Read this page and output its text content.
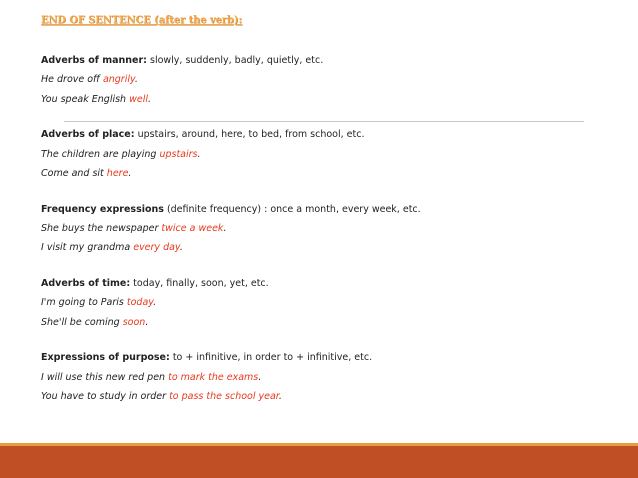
END OF SENTENCE (after the verb):
Adverbs of manner: slowly, suddenly, badly, quietly, etc.
He drove off angrily.
You speak English well.
Adverbs of place: upstairs, around, here, to bed, from school, etc.
The children are playing upstairs.
Come and sit here.
Frequency expressions (definite frequency) : once a month, every week, etc.
She buys the newspaper twice a week.
I visit my grandma every day.
Adverbs of time: today, finally, soon, yet, etc.
I'm going to Paris today.
She'll be coming soon.
Expressions of purpose: to + infinitive, in order to + infinitive, etc.
I will use this new red pen to mark the exams.
You have to study in order to pass the school year.
